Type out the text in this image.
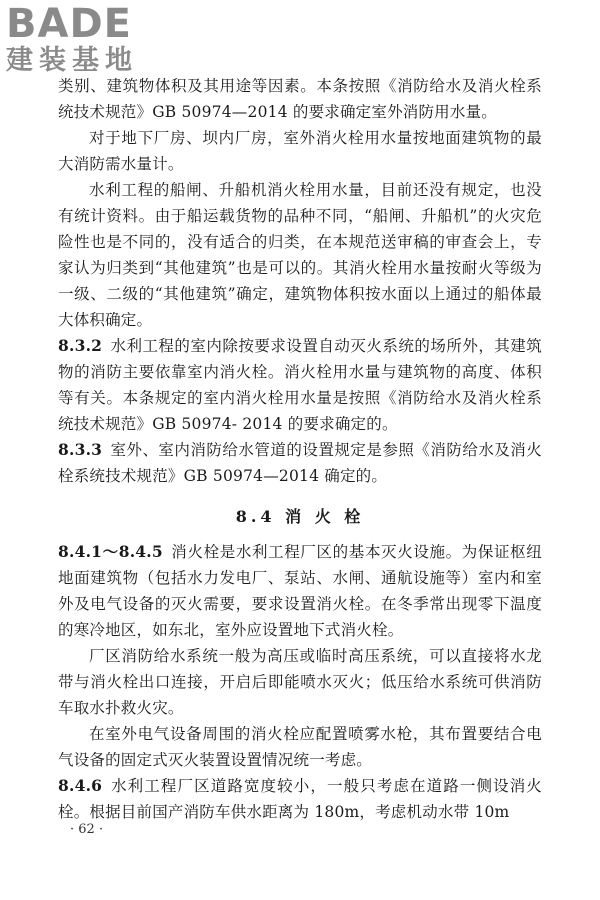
BADE
建装基地

类别、建筑物体积及其用途等因素。本条按照《消防给水及消火栓系统技术规范》GB 50974—2014 的要求确定室外消防用水量。

对于地下厂房、坝内厂房，室外消火栓用水量按地面建筑物的最大消防需水量计。

水利工程的船闸、升船机消火栓用水量，目前还没有规定，也没有统计资料。由于船运载货物的品种不同，“船闸、升船机”的火灾危险性也是不同的，没有适合的归类，在本规范送审稿的审查会上，专家认为归类到“其他建筑”也是可以的。其消火栓用水量按耐火等级为一级、二级的“其他建筑”确定，建筑物体积按水面以上通过的船体最大体积确定。

8.3.2 水利工程的室内除按要求设置自动灭火系统的场所外，其建筑物的消防主要依靠室内消火栓。消火栓用水量与建筑物的高度、体积等有关。本条规定的室内消火栓用水量是按照《消防给水及消火栓系统技术规范》GB 50974- 2014 的要求确定的。

8.3.3 室外、室内消防给水管道的设置规定是参照《消防给水及消火栓系统技术规范》GB 50974—2014 确定的。

8.4 消 火 栓

8.4.1～8.4.5 消火栓是水利工程厂区的基本灭火设施。为保证枢纽地面建筑物（包括水力发电厂、泵站、水闸、通航设施等）室内和室外及电气设备的灭火需要，要求设置消火栓。在冬季常出现零下温度的寒冷地区，如东北，室外应设置地下式消火栓。

厂区消防给水系统一般为高压或临时高压系统，可以直接将水龙带与消火栓出口连接，开启后即能喷水灭火；低压给水系统可供消防车取水扑救火灾。

在室外电气设备周围的消火栓应配置喷雾水枪，其布置要结合电气设备的固定式灭火装置设置情况统一考虑。

8.4.6 水利工程厂区道路宽度较小，一般只考虑在道路一侧设消火栓。根据目前国产消防车供水距离为 180m，考虑机动水带 10m

· 62 ·
